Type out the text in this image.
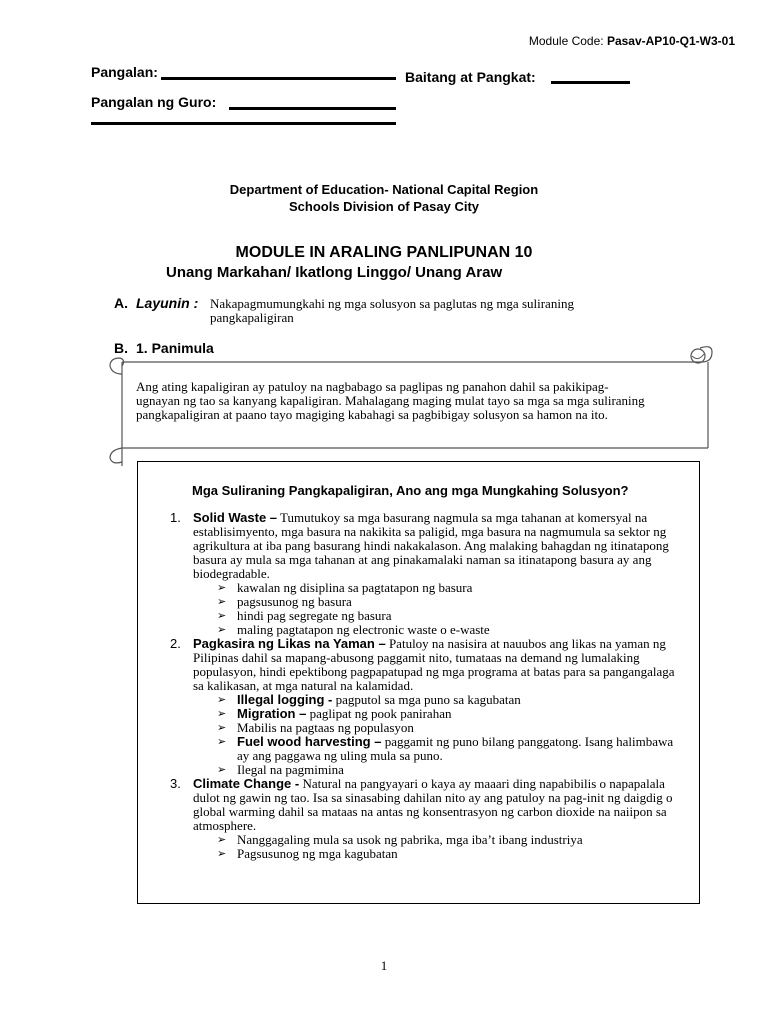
Module Code: Pasav-AP10-Q1-W3-01
Pangalan:	Baitang at Pangkat:
Pangalan ng Guro:
Department of Education- National Capital Region
Schools Division of Pasay City
MODULE IN ARALING PANLIPUNAN 10
Unang Markahan/ Ikatlong Linggo/ Unang Araw
A. Layunin : Nakapagmumungkahi ng mga solusyon sa paglutas ng mga suliraning pangkapaligiran
B. 1. Panimula
Ang ating kapaligiran ay patuloy na nagbabago sa paglipas ng panahon dahil sa pakikipag-ugnayan ng tao sa kanyang kapaligiran. Mahalagang maging mulat tayo sa mga sa mga suliraning pangkapaligiran at paano tayo magiging kabahagi sa pagbibigay solusyon sa hamon na ito.
Mga Suliraning Pangkapaligiran, Ano ang mga Mungkahing Solusyon?
1. Solid Waste – Tumutukoy sa mga basurang nagmula sa mga tahanan at komersyal na establisimyento, mga basura na nakikita sa paligid, mga basura na nagmumula sa sektor ng agrikultura at iba pang basurang hindi nakakalason. Ang malaking bahagdan ng itinatapong basura ay mula sa mga tahanan at ang pinakamalaki naman sa itinatapong basura ay ang biodegradable.
➢ kawalan ng disiplina sa pagtatapon ng basura
➢ pagsusunog ng basura
➢ hindi pag segregate ng basura
➢ maling pagtatapon ng electronic waste o e-waste
2. Pagkasira ng Likas na Yaman – Patuloy na nasisira at nauubos ang likas na yaman ng Pilipinas dahil sa mapang-abusong paggamit nito, tumataas na demand ng lumalaking populasyon, hindi epektibong pagpapatupad ng mga programa at batas para sa pangangalaga sa kalikasan, at mga natural na kalamidad.
➢ Illegal logging - pagputol sa mga puno sa kagubatan
➢ Migration – paglipat ng pook panirahan
➢ Mabilis na pagtaas ng populasyon
➢ Fuel wood harvesting – paggamit ng puno bilang panggatong. Isang halimbawa ay ang paggawa ng uling mula sa puno.
➢ Ilegal na pagmimina
3. Climate Change - Natural na pangyayari o kaya ay maaari ding napabibilis o napapalala dulot ng gawin ng tao. Isa sa sinasabing dahilan nito ay ang patuloy na pag-init ng daigdig o global warming dahil sa mataas na antas ng konsentrasyon ng carbon dioxide na naiipon sa atmosphere.
➢ Nanggagaling mula sa usok ng pabrika, mga iba’t ibang industriya
➢ Pagsusunog ng mga kagubatan
1
